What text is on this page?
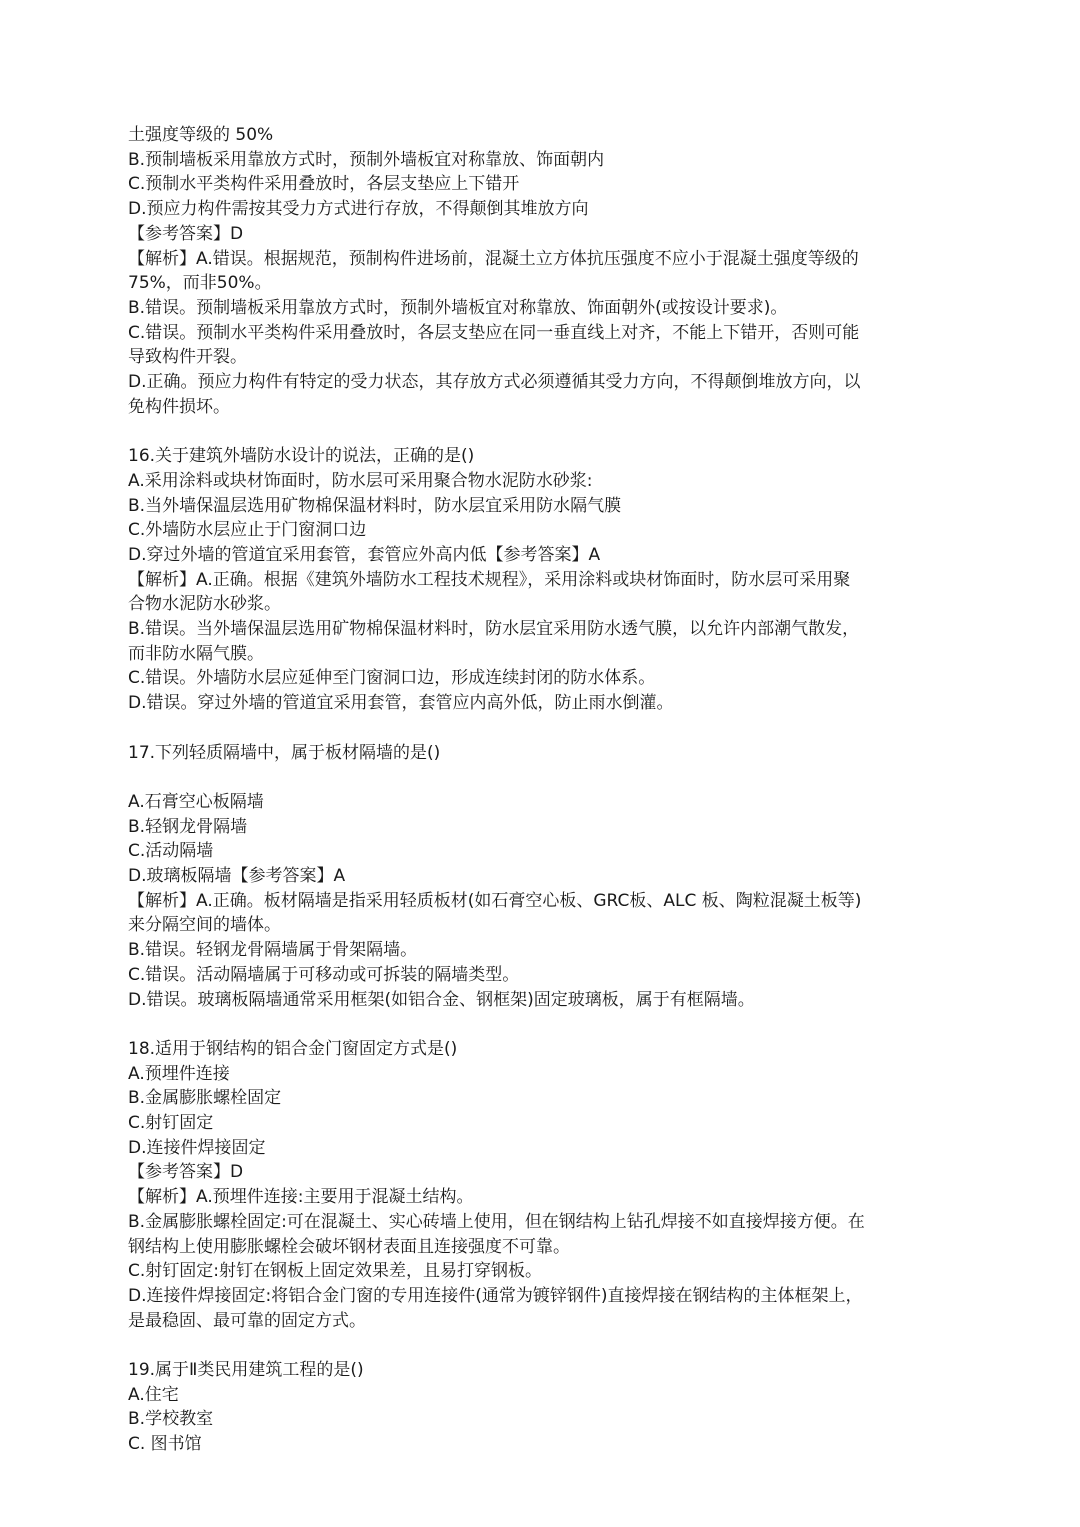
土强度等级的 50%
B.预制墙板采用靠放方式时，预制外墙板宜对称靠放、饰面朝内
C.预制水平类构件采用叠放时，各层支垫应上下错开
D.预应力构件需按其受力方式进行存放，不得颠倒其堆放方向
【参考答案】D
【解析】A.错误。根据规范，预制构件进场前，混凝土立方体抗压强度不应小于混凝土强度等级的
75%，而非50%。
B.错误。预制墙板采用靠放方式时，预制外墙板宜对称靠放、饰面朝外(或按设计要求)。
C.错误。预制水平类构件采用叠放时，各层支垫应在同一垂直线上对齐，不能上下错开，否则可能
导致构件开裂。
D.正确。预应力构件有特定的受力状态，其存放方式必须遵循其受力方向，不得颠倒堆放方向，以
免构件损坏。
16.关于建筑外墙防水设计的说法，正确的是()
A.采用涂料或块材饰面时，防水层可采用聚合物水泥防水砂浆:
B.当外墙保温层选用矿物棉保温材料时，防水层宜采用防水隔气膜
C.外墙防水层应止于门窗洞口边
D.穿过外墙的管道宜采用套管，套管应外高内低【参考答案】A
【解析】A.正确。根据《建筑外墙防水工程技术规程》，采用涂料或块材饰面时，防水层可采用聚
合物水泥防水砂浆。
B.错误。当外墙保温层选用矿物棉保温材料时，防水层宜采用防水透气膜，以允许内部潮气散发，
而非防水隔气膜。
C.错误。外墙防水层应延伸至门窗洞口边，形成连续封闭的防水体系。
D.错误。穿过外墙的管道宜采用套管，套管应内高外低，防止雨水倒灌。
17.下列轻质隔墙中，属于板材隔墙的是()
A.石膏空心板隔墙
B.轻钢龙骨隔墙
C.活动隔墙
D.玻璃板隔墙【参考答案】A
【解析】A.正确。板材隔墙是指采用轻质板材(如石膏空心板、GRC板、ALC 板、陶粒混凝土板等)
来分隔空间的墙体。
B.错误。轻钢龙骨隔墙属于骨架隔墙。
C.错误。活动隔墙属于可移动或可拆装的隔墙类型。
D.错误。玻璃板隔墙通常采用框架(如铝合金、钢框架)固定玻璃板，属于有框隔墙。
18.适用于钢结构的铝合金门窗固定方式是()
A.预埋件连接
B.金属膨胀螺栓固定
C.射钉固定
D.连接件焊接固定
【参考答案】D
【解析】A.预埋件连接:主要用于混凝土结构。
B.金属膨胀螺栓固定:可在混凝土、实心砖墙上使用，但在钢结构上钻孔焊接不如直接焊接方便。在
钢结构上使用膨胀螺栓会破坏钢材表面且连接强度不可靠。
C.射钉固定:射钉在钢板上固定效果差，且易打穿钢板。
D.连接件焊接固定:将铝合金门窗的专用连接件(通常为镀锌钢件)直接焊接在钢结构的主体框架上，
是最稳固、最可靠的固定方式。
19.属于Ⅱ类民用建筑工程的是()
A.住宅
B.学校教室
C. 图书馆
